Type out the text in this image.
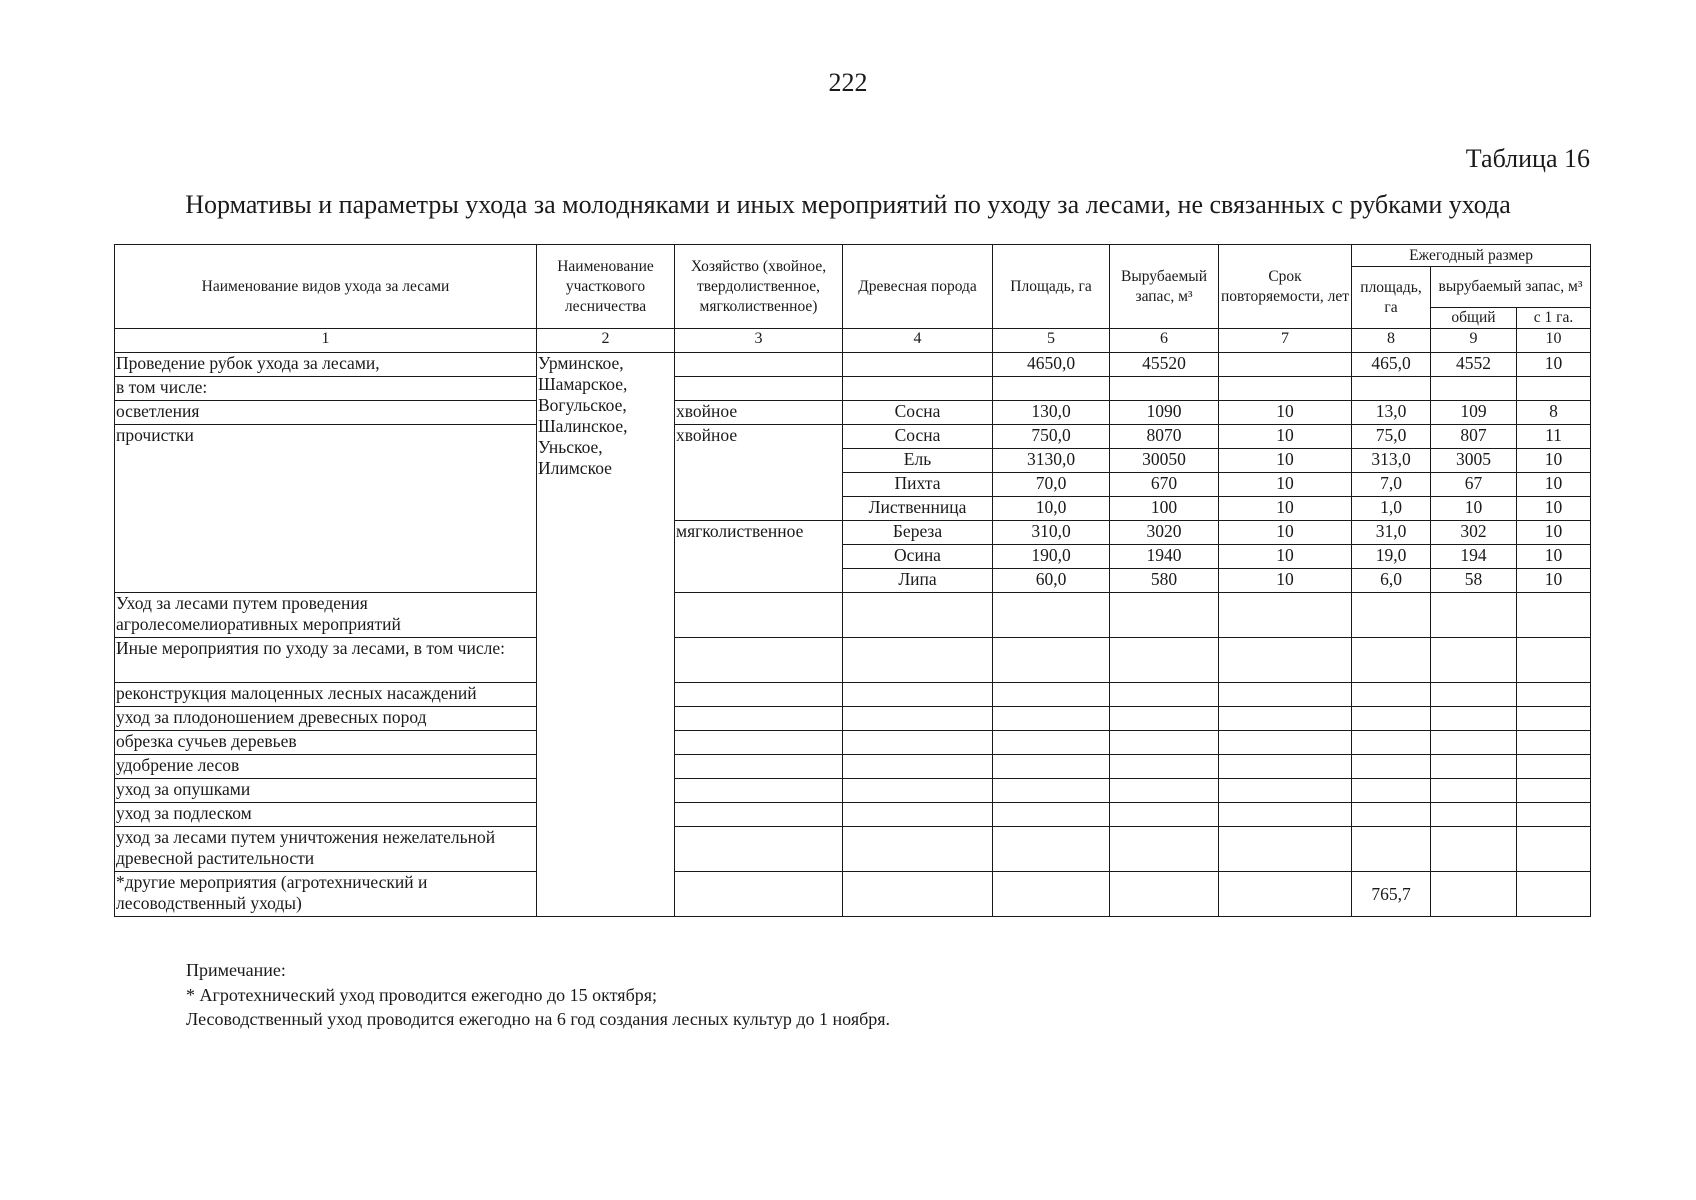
222
Таблица 16
Нормативы и параметры ухода за молодняками и иных мероприятий по уходу за лесами, не связанных с рубками ухода
Наименование видов ухода за лесами	Наименование участкового лесничества	Хозяйство (хвойное, твердолиственное, мягколиственное)	Древесная порода	Площадь, га	Вырубаемый запас, м³	Срок повторяемости, лет	Ежегодный размер		
							площадь, га	вырубаемый запас, м³	
								общий	с 1 га.
1	2	3	4	5	6	7	8	9	10
Проведение рубок ухода за лесами,	Урминское, Шамарское, Вогульское, Шалинское, Уньское, Илимское			4650,0	45520		465,0	4552	10
в том числе:									
осветления		хвойное	Сосна	130,0	1090	10	13,0	109	8
прочистки		хвойное	Сосна	750,0	8070	10	75,0	807	11
			Ель	3130,0	30050	10	313,0	3005	10
			Пихта	70,0	670	10	7,0	67	10
			Лиственница	10,0	100	10	1,0	10	10
		мягколиственное	Береза	310,0	3020	10	31,0	302	10
			Осина	190,0	1940	10	19,0	194	10
			Липа	60,0	580	10	6,0	58	10
Уход за лесами путем проведения агролесомелиоративных мероприятий									
Иные мероприятия по уходу за лесами, в том числе:									
реконструкция малоценных лесных насаждений									
уход за плодоношением древесных пород									
обрезка сучьев деревьев									
удобрение лесов									
уход за опушками									
уход за подлеском									
уход за лесами путем уничтожения нежелательной древесной растительности									
*другие мероприятия (агротехнический и лесоводственный уходы)							765,7		
Примечание:
* Агротехнический уход проводится ежегодно до 15 октября;
Лесоводственный уход проводится ежегодно на 6 год создания лесных культур до 1 ноября.
